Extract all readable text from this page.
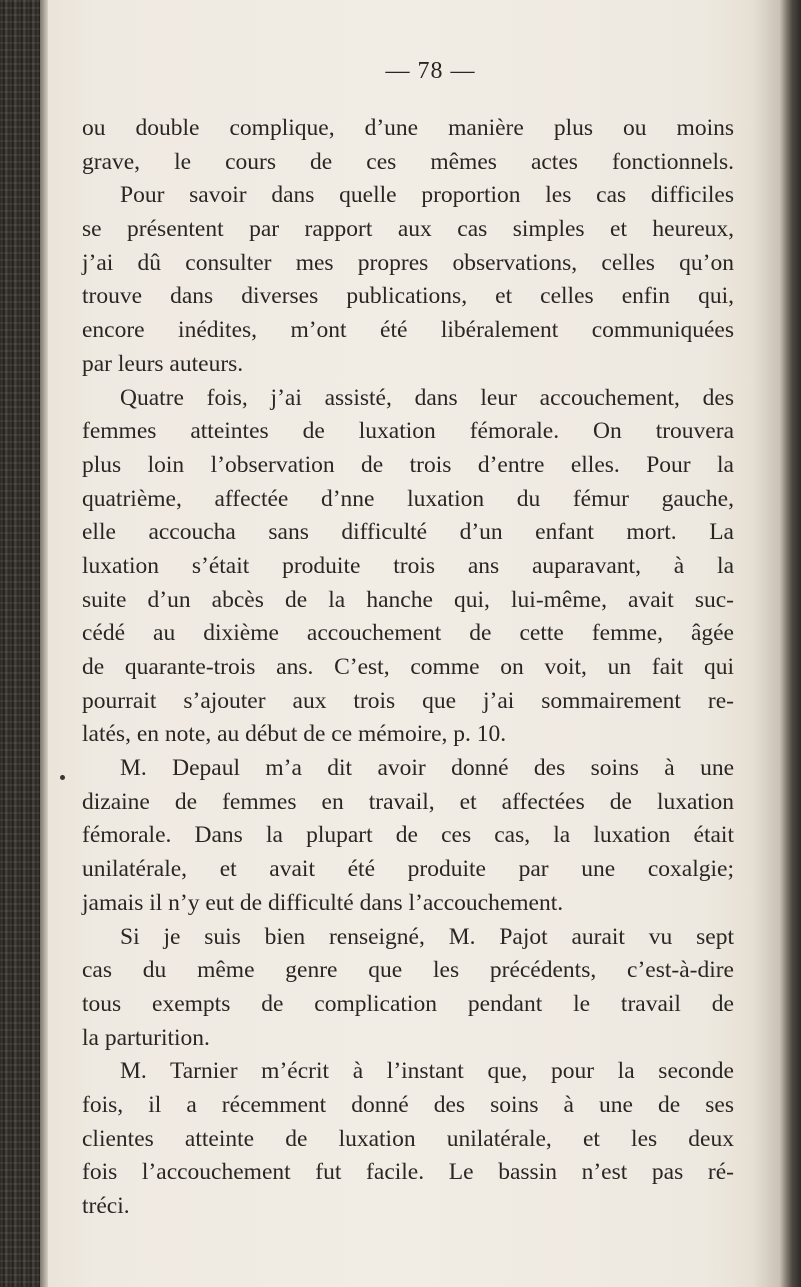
— 78 —
ou double complique, d’une manière plus ou moins
grave, le cours de ces mêmes actes fonctionnels.
Pour savoir dans quelle proportion les cas difficiles
se présentent par rapport aux cas simples et heureux,
j’ai dû consulter mes propres observations, celles qu’on
trouve dans diverses publications, et celles enfin qui,
encore inédites, m’ont été libéralement communiquées
par leurs auteurs.
Quatre fois, j’ai assisté, dans leur accouchement, des
femmes atteintes de luxation fémorale. On trouvera
plus loin l’observation de trois d’entre elles. Pour la
quatrième, affectée d’nne luxation du fémur gauche,
elle accoucha sans difficulté d’un enfant mort. La
luxation s’était produite trois ans auparavant, à la
suite d’un abcès de la hanche qui, lui-même, avait suc-
cédé au dixième accouchement de cette femme, âgée
de quarante-trois ans. C’est, comme on voit, un fait qui
pourrait s’ajouter aux trois que j’ai sommairement re-
latés, en note, au début de ce mémoire, p. 10.
M. Depaul m’a dit avoir donné des soins à une
dizaine de femmes en travail, et affectées de luxation
fémorale. Dans la plupart de ces cas, la luxation était
unilatérale, et avait été produite par une coxalgie;
jamais il n’y eut de difficulté dans l’accouchement.
Si je suis bien renseigné, M. Pajot aurait vu sept
cas du même genre que les précédents, c’est-à-dire
tous exempts de complication pendant le travail de
la parturition.
M. Tarnier m’écrit à l’instant que, pour la seconde
fois, il a récemment donné des soins à une de ses
clientes atteinte de luxation unilatérale, et les deux
fois l’accouchement fut facile. Le bassin n’est pas ré-
tréci.
